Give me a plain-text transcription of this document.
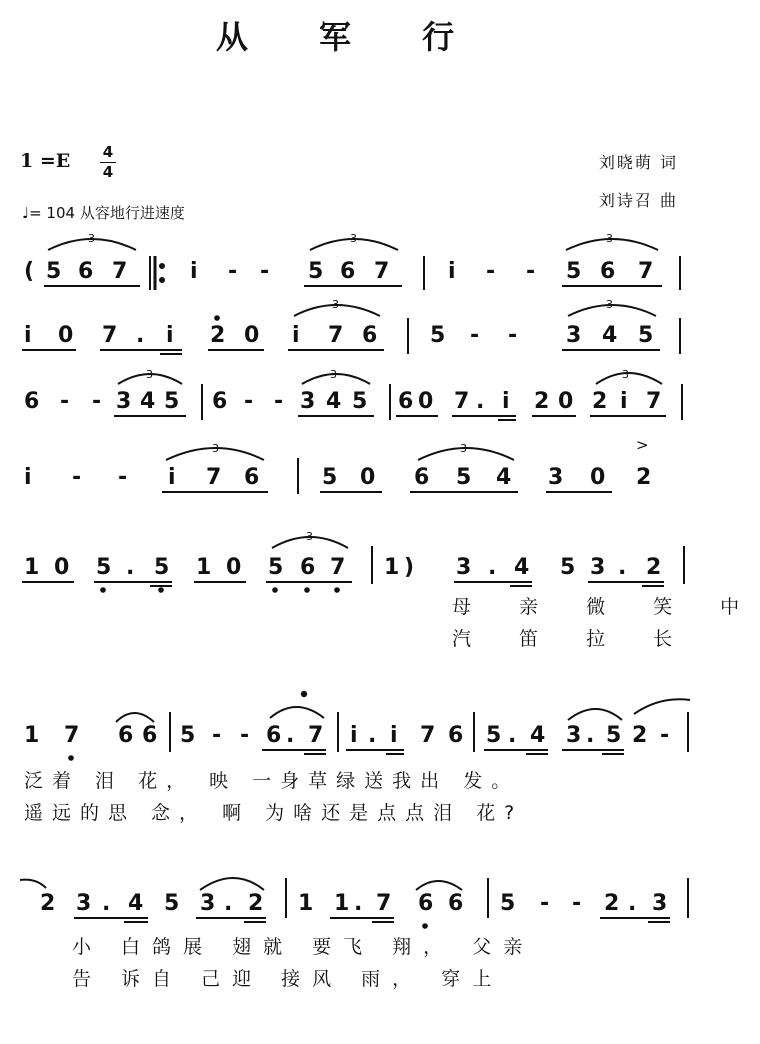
从 军 行
1 =E 4
4
♩= 104 从容地行进速度
刘晓萌 词
刘诗召 曲
( 5 6 7
3
i - - 5 6 7
3
i - - 5 6 7
3
i 0 7 . i 2 0 i 7 6
3
5 - - 3 4 5
3
6 - - 3 4 5
3
6 - - 3 4 5
3
6 0 7 . i 2 0 2 i 7
3
i - - i 7 6
3
5 0 6 5 4
3
3 0 2
>
1 0 5 . 5 1 0 5 6 7
3
1 ) 3 . 4 5 3 . 2
1 7 6 6 5 - - 6 . 7 i . i 7 6 5 . 4 3 . 5 2 -
2 3 . 4 5 3 . 2 1 1 . 7 6 6 5 - - 2 . 3
母 亲 微 笑 中
汽 笛 拉 长
泛着 泪 花， 映 一身草绿送我出 发。
遥远的思 念， 啊 为啥还是点点泪 花?
小 白鸽展 翅就 要飞 翔， 父亲
告 诉自 己迎 接风 雨， 穿上
